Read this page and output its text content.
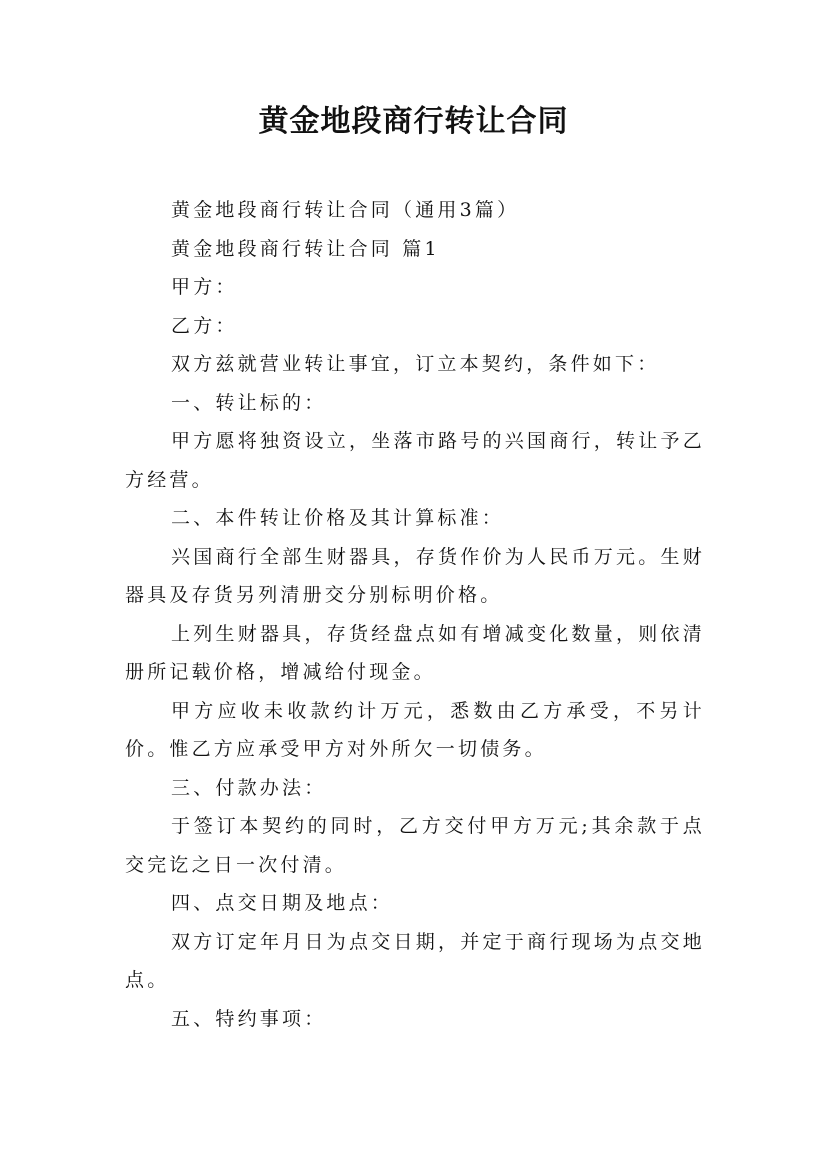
黄金地段商行转让合同

黄金地段商行转让合同（通用3篇）

黄金地段商行转让合同 篇1

甲方：

乙方：

双方兹就营业转让事宜，订立本契约，条件如下：

一、转让标的：

甲方愿将独资设立，坐落市路号的兴国商行，转让予乙方经营。

二、本件转让价格及其计算标准：

兴国商行全部生财器具，存货作价为人民币万元。生财器具及存货另列清册交分别标明价格。

上列生财器具，存货经盘点如有增减变化数量，则依清册所记载价格，增减给付现金。

甲方应收未收款约计万元，悉数由乙方承受，不另计价。惟乙方应承受甲方对外所欠一切债务。

三、付款办法：

于签订本契约的同时，乙方交付甲方万元;其余款于点交完讫之日一次付清。

四、点交日期及地点：

双方订定年月日为点交日期，并定于商行现场为点交地点。

五、特约事项：
